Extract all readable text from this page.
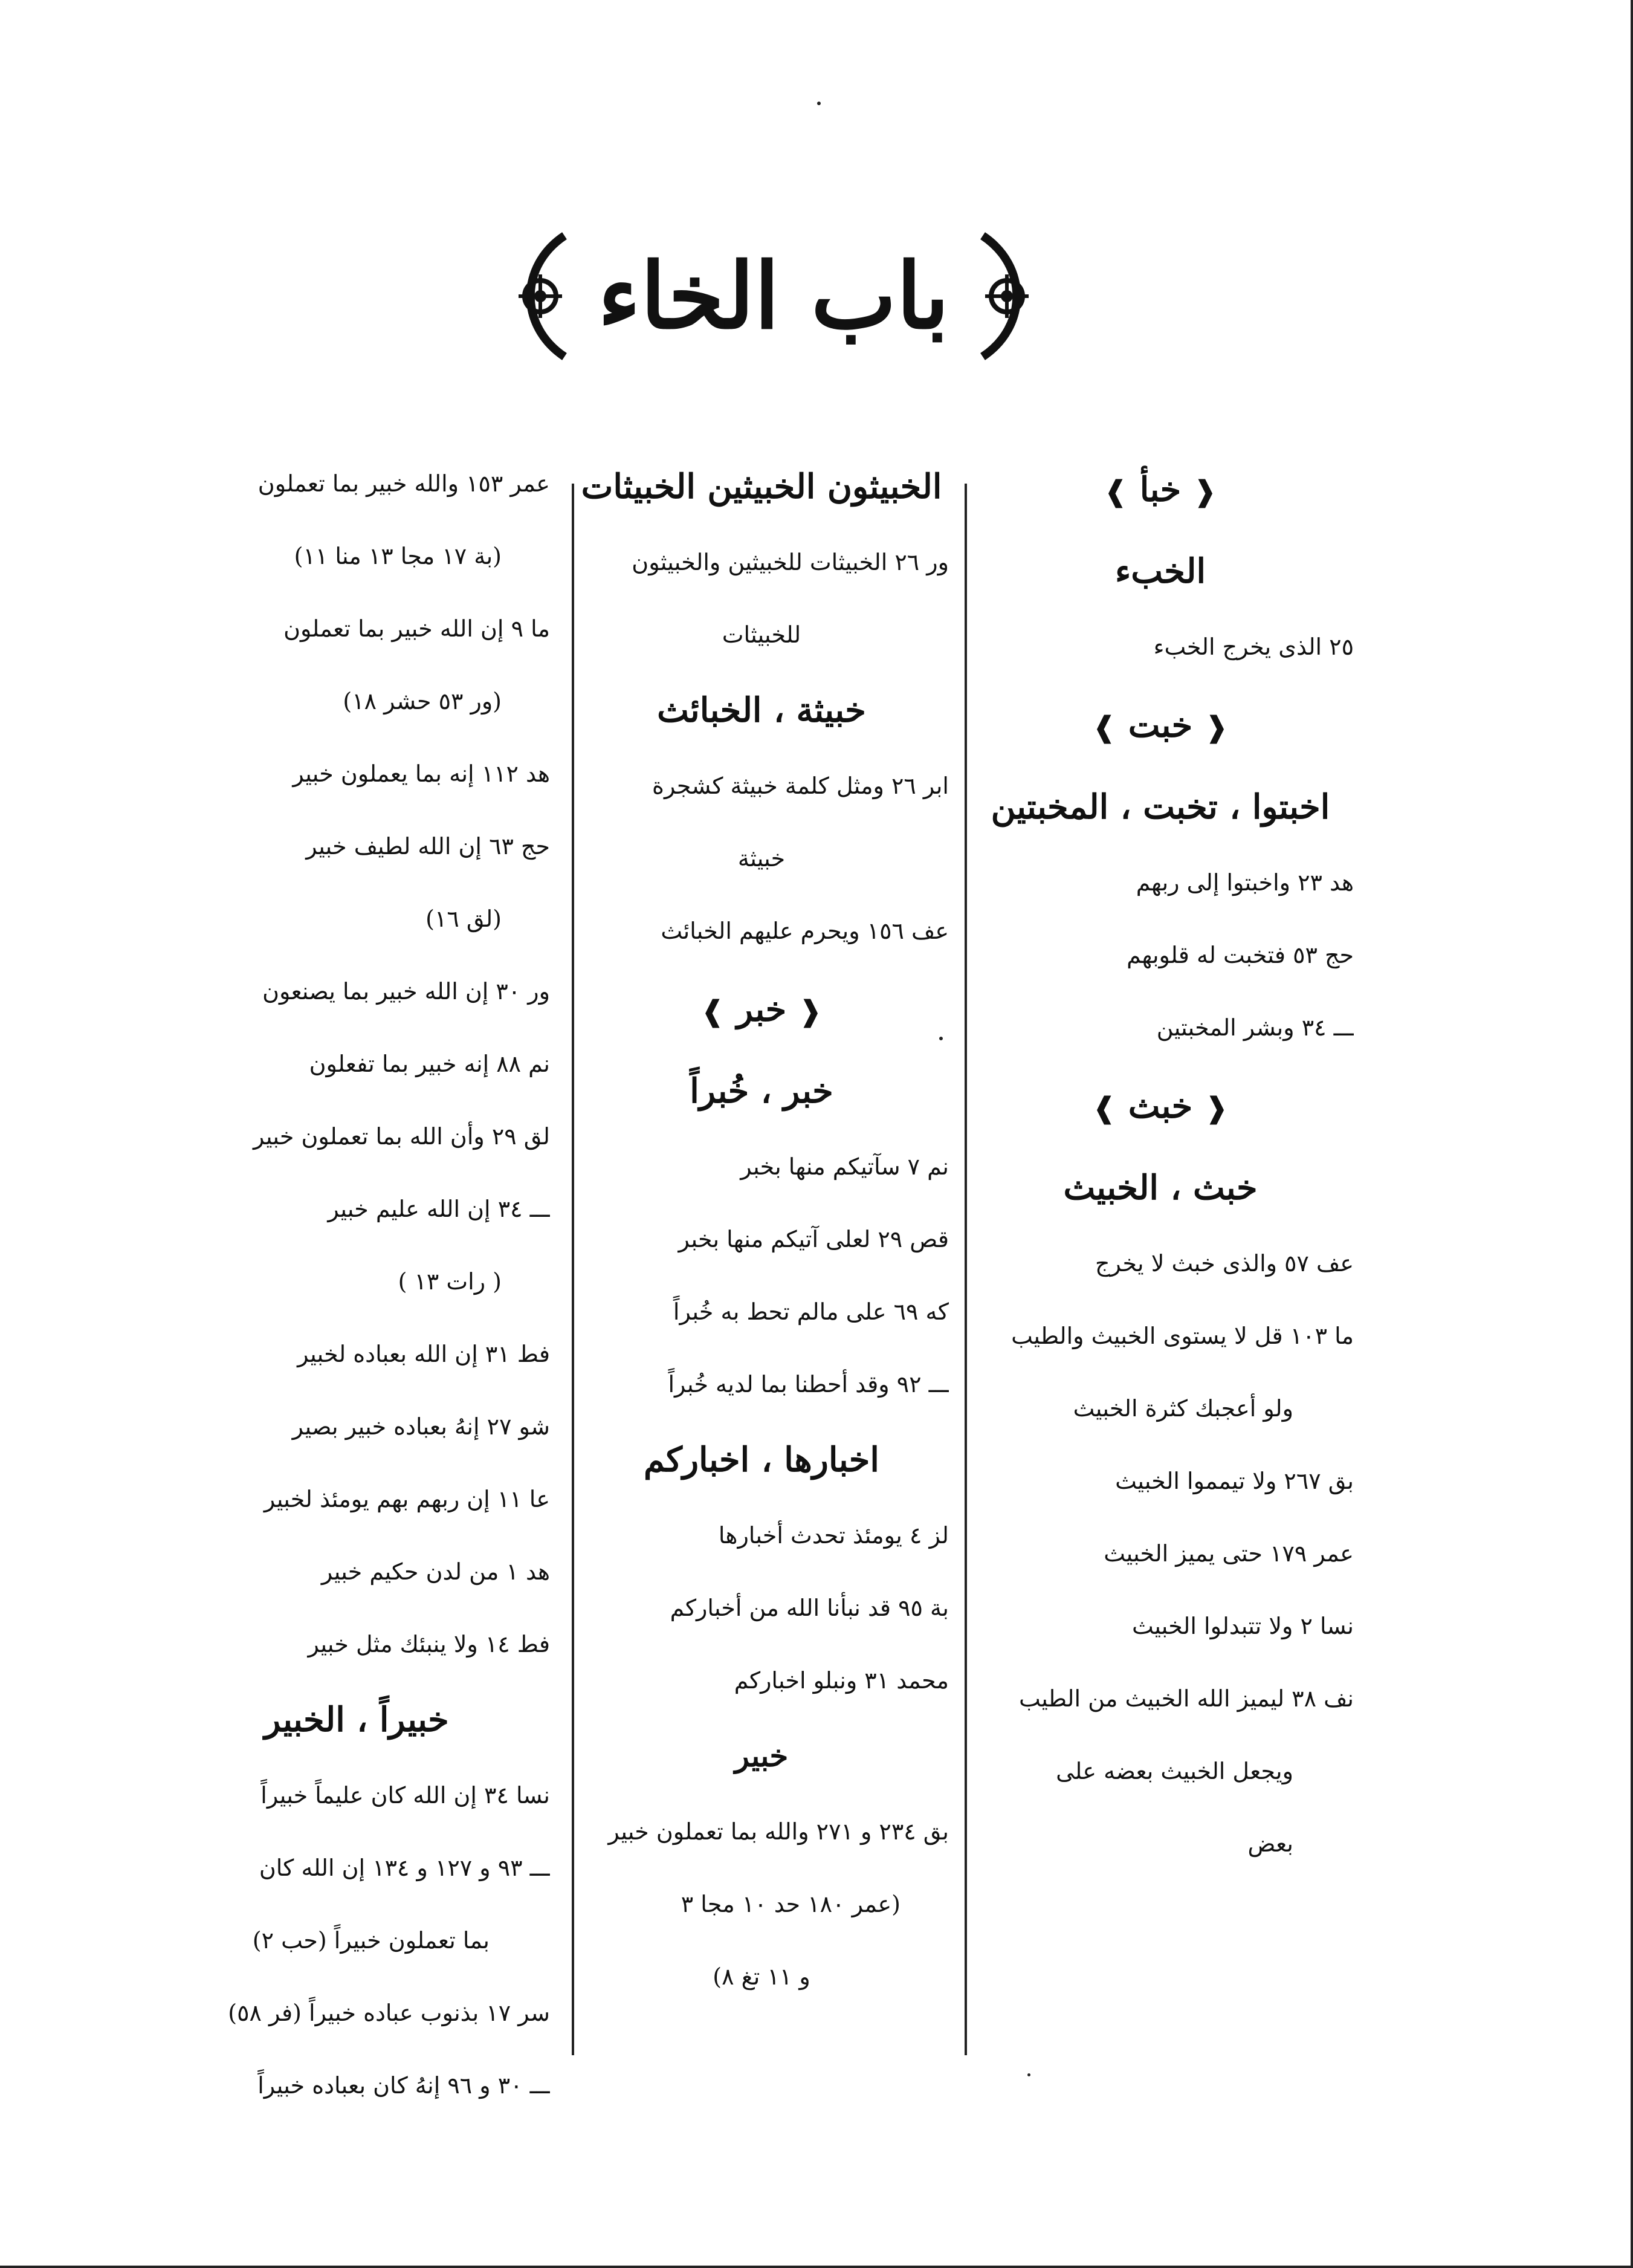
باب الخاء
❰ خبأ ❱
الخبء
٢٥ الذى يخرج الخبء
❰ خبت ❱
اخبتوا ، تخبت ، المخبتين
هد ٢٣ واخبتوا إلى ربهم
حج ٥٣ فتخبت له قلوبهم
ـــ ٣٤ وبشر المخبتين
❰ خبث ❱
خبث ، الخبيث
عف ٥٧ والذى خبث لا يخرج
ما ١٠٣ قل لا يستوى الخبيث والطيب
ولو أعجبك كثرة الخبيث
بق ٢٦٧ ولا تيمموا الخبيث
عمر ١٧٩ حتى يميز الخبيث
نسا ٢ ولا تتبدلوا الخبيث
نف ٣٨ ليميز الله الخبيث من الطيب
ويجعل الخبيث بعضه على
بعض
الخبيثون الخبيثين الخبيثات
ور ٢٦ الخبيثات للخبيثين والخبيثون
للخبيثات
خبيثة ، الخبائث
ابر ٢٦ ومثل كلمة خبيثة كشجرة
خبيثة
عف ١٥٦ ويحرم عليهم الخبائث
❰ خبر ❱
خبر ، خُبراً
نم ٧ سآتيكم منها بخبر
قص ٢٩ لعلى آتيكم منها بخبر
كه ٦٩ على مالم تحط به خُبراً
ـــ ٩٢ وقد أحطنا بما لديه خُبراً
اخبارها ، اخباركم
لز ٤ يومئذ تحدث أخبارها
بة ٩٥ قد نبأنا الله من أخباركم
محمد ٣١ ونبلو اخباركم
خبير
بق ٢٣٤ و ٢٧١ والله بما تعملون خبير
(عمر ١٨٠ حد ١٠ مجا ٣
و ١١ تغ ٨)
عمر ١٥٣ والله خبير بما تعملون
(بة ١٧ مجا ١٣ منا ١١)
ما ٩ إن الله خبير بما تعملون
(ور ٥٣ حشر ١٨)
هد ١١٢ إنه بما يعملون خبير
حج ٦٣ إن الله لطيف خبير
(لق ١٦)
ور ٣٠ إن الله خبير بما يصنعون
نم ٨٨ إنه خبير بما تفعلون
لق ٢٩ وأن الله بما تعملون خبير
ـــ ٣٤ إن الله عليم خبير
( رات ١٣ )
فط ٣١ إن الله بعباده لخبير
شو ٢٧ إنهُ بعباده خبير بصير
عا ١١ إن ربهم بهم يومئذ لخبير
هد ١ من لدن حكيم خبير
فط ١٤ ولا ينبئك مثل خبير
خبيراً ، الخبير
نسا ٣٤ إن الله كان عليماً خبيراً
ـــ ٩٣ و ١٢٧ و ١٣٤ إن الله كان
بما تعملون خبيراً (حب ٢)
سر ١٧ بذنوب عباده خبيراً (فر ٥٨)
ـــ ٣٠ و ٩٦ إنهُ كان بعباده خبيراً
